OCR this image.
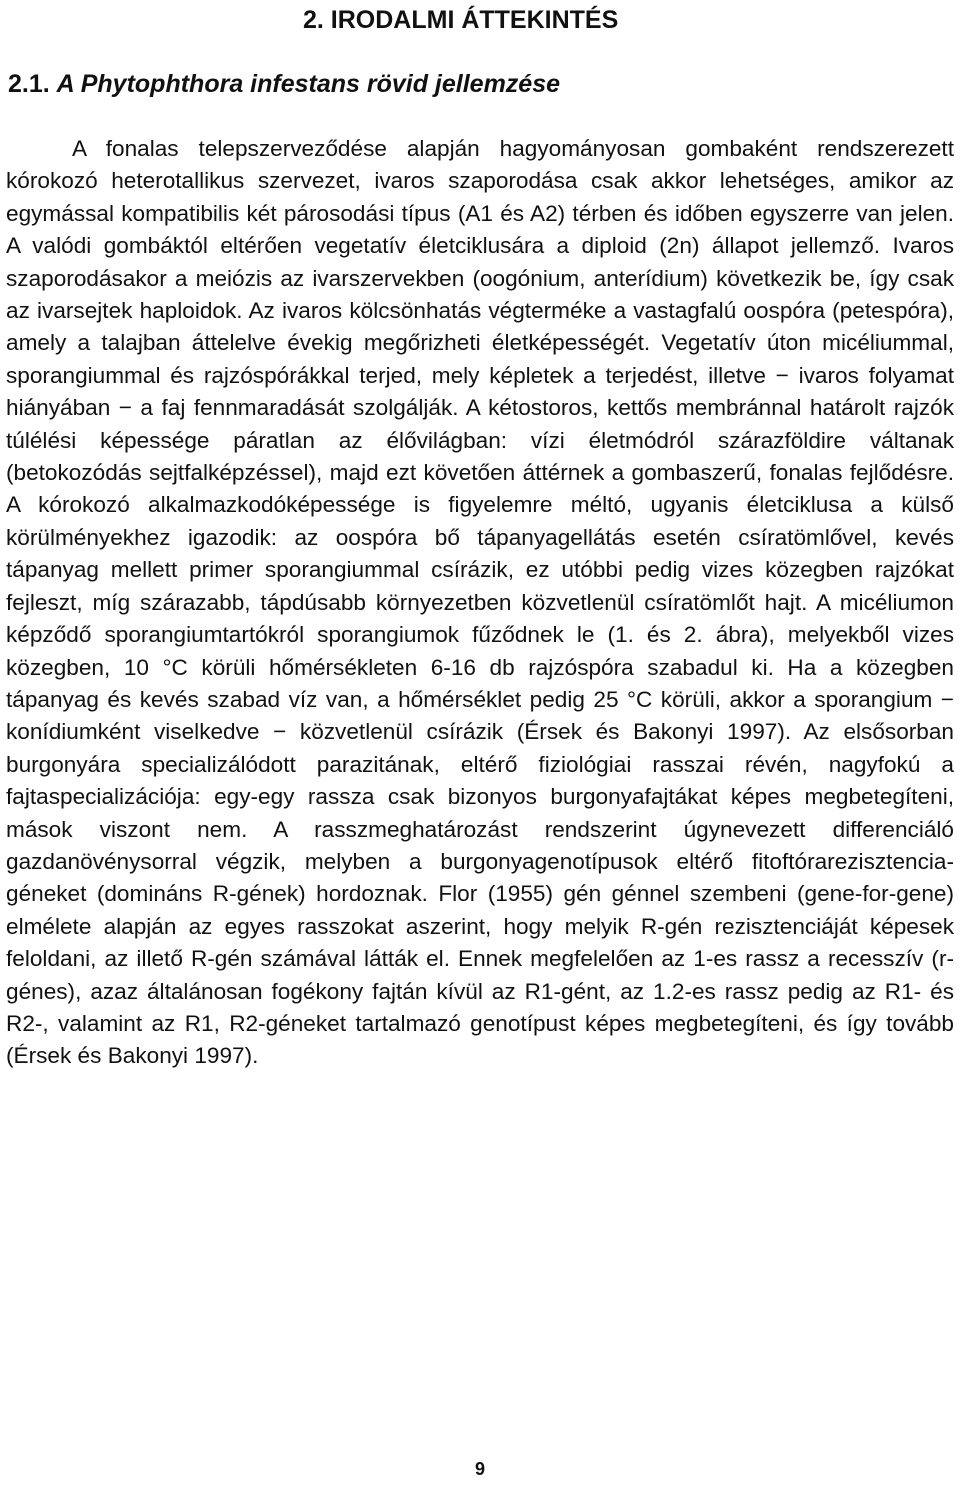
2. IRODALMI ÁTTEKINTÉS
2.1. A Phytophthora infestans rövid jellemzése

A fonalas telepszerveződése alapján hagyományosan gombaként rendszerezett kórokozó heterotallikus szervezet, ivaros szaporodása csak akkor lehetséges, amikor az egymással kompatibilis két párosodási típus (A1 és A2) térben és időben egyszerre van jelen. A valódi gombáktól eltérően vegetatív életciklusára a diploid (2n) állapot jellemző. Ivaros szaporodásakor a meiózis az ivarszervekben (oogónium, anterídium) következik be, így csak az ivarsejtek haploidok. Az ivaros kölcsönhatás végterméke a vastagfalú oospóra (petespóra), amely a talajban áttelelve évekig megőrizheti életképességét. Vegetatív úton micéliummal, sporangiummal és rajzóspórákkal terjed, mely képletek a terjedést, illetve − ivaros folyamat hiányában − a faj fennmaradását szolgálják. A kétostoros, kettős membránnal határolt rajzók túlélési képessége páratlan az élővilágban: vízi életmódról szárazföldire váltanak (betokozódás sejtfalképzéssel), majd ezt követően áttérnek a gombaszerű, fonalas fejlődésre. A kórokozó alkalmazkodóképessége is figyelemre méltó, ugyanis életciklusa a külső körülményekhez igazodik: az oospóra bő tápanyagellátás esetén csíratömlővel, kevés tápanyag mellett primer sporangiummal csírázik, ez utóbbi pedig vizes közegben rajzókat fejleszt, míg szárazabb, tápdúsabb környezetben közvetlenül csíratömlőt hajt. A micéliumon képződő sporangiumtartókról sporangiumok fűződnek le (1. és 2. ábra), melyekből vizes közegben, 10 °C körüli hőmérsékleten 6-16 db rajzóspóra szabadul ki. Ha a közegben tápanyag és kevés szabad víz van, a hőmérséklet pedig 25 °C körüli, akkor a sporangium − konídiumként viselkedve − közvetlenül csírázik (Érsek és Bakonyi 1997). Az elsősorban burgonyára specializálódott parazitának, eltérő fiziológiai rasszai révén, nagyfokú a fajtaspecializációja: egy-egy rassza csak bizonyos burgonyafajtákat képes megbetegíteni, mások viszont nem. A rasszmeghatározást rendszerint úgynevezett differenciáló gazdanövénysorral végzik, melyben a burgonyagenotípusok eltérő fitoftórarezisztencia-géneket (domináns R-gének) hordoznak. Flor (1955) gén génnel szembeni (gene-for-gene) elmélete alapján az egyes rasszokat aszerint, hogy melyik R-gén rezisztenciáját képesek feloldani, az illető R-gén számával látták el. Ennek megfelelően az 1-es rassz a recesszív (r-génes), azaz általánosan fogékony fajtán kívül az R1-gént, az 1.2-es rassz pedig az R1- és R2-, valamint az R1, R2-géneket tartalmazó genotípust képes megbetegíteni, és így tovább (Érsek és Bakonyi 1997).

9
